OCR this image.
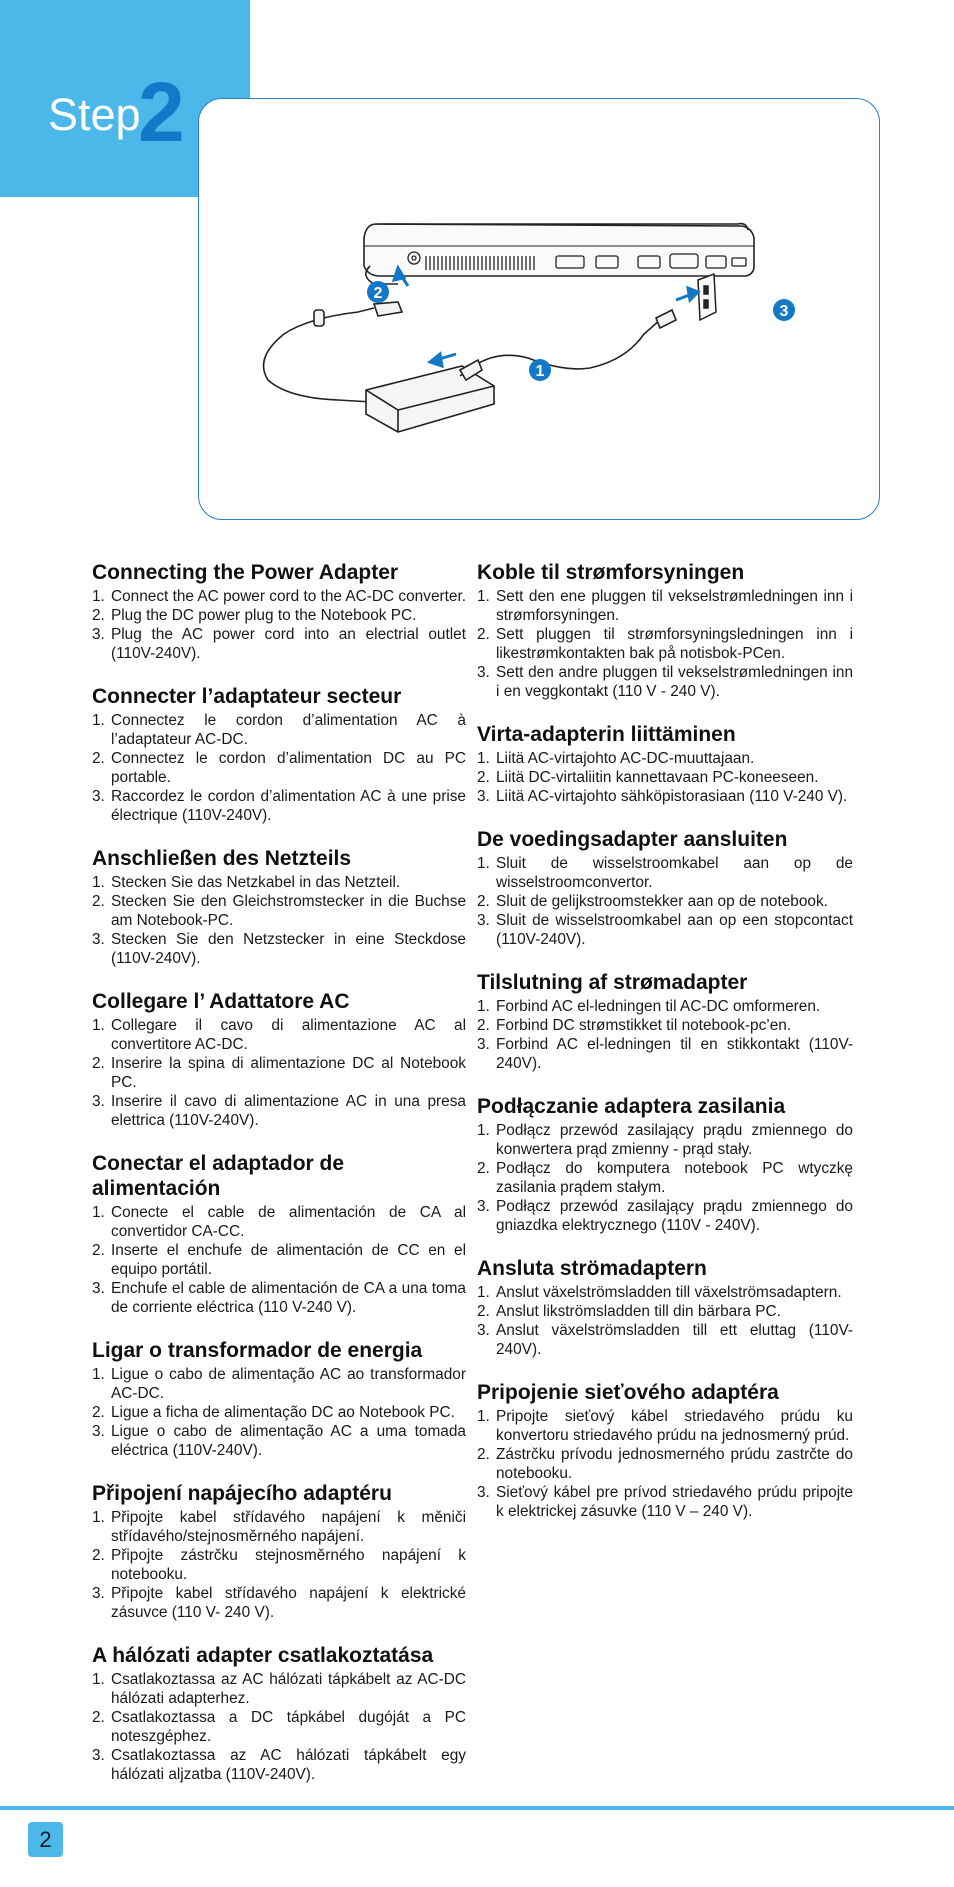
Step
2
2
1
3
Connecting the Power Adapter
1. Connect the AC power cord to the AC-DC converter.
2. Plug the DC power plug to the Notebook PC.
3. Plug the AC power cord into an electrial outlet (110V-240V).
Connecter l’adaptateur secteur
1. Connectez le cordon d’alimentation AC à l’adaptateur AC-DC.
2. Connectez le cordon d’alimentation DC au PC portable.
3. Raccordez le cordon d’alimentation AC à une prise électrique (110V-240V).
Anschließen des Netzteils
1. Stecken Sie das Netzkabel in das Netzteil.
2. Stecken Sie den Gleichstromstecker in die Buchse am Notebook-PC.
3. Stecken Sie den Netzstecker in eine Steckdose (110V-240V).
Collegare l’ Adattatore AC
1. Collegare il cavo di alimentazione AC al convertitore AC-DC.
2. Inserire la spina di alimentazione DC al Notebook PC.
3. Inserire il cavo di alimentazione AC in una presa elettrica (110V-240V).
Conectar el adaptador de alimentación
1. Conecte el cable de alimentación de CA al convertidor CA-CC.
2. Inserte el enchufe de alimentación de CC en el equipo portátil.
3. Enchufe el cable de alimentación de CA a una toma de corriente eléctrica (110 V-240 V).
Ligar o transformador de energia
1. Ligue o cabo de alimentação AC ao transformador AC-DC.
2. Ligue a ficha de alimentação DC ao Notebook PC.
3. Ligue o cabo de alimentação AC a uma tomada eléctrica (110V-240V).
Připojení napájecího adaptéru
1. Připojte kabel střídavého napájení k měniči střídavého/stejnosměrného napájení.
2. Připojte zástrčku stejnosměrného napájení k notebooku.
3. Připojte kabel střídavého napájení k elektrické zásuvce (110 V- 240 V).
A hálózati adapter csatlakoztatása
1. Csatlakoztassa az AC hálózati tápkábelt az AC-DC hálózati adapterhez.
2. Csatlakoztassa a DC tápkábel dugóját a PC noteszgéphez.
3. Csatlakoztassa az AC hálózati tápkábelt egy hálózati aljzatba (110V-240V).
Koble til strømforsyningen
1. Sett den ene pluggen til vekselstrømledningen inn i strømforsyningen.
2. Sett pluggen til strømforsyningsledningen inn i likestrømkontakten bak på notisbok-PCen.
3. Sett den andre pluggen til vekselstrømledningen inn i en veggkontakt (110 V - 240 V).
Virta-adapterin liittäminen
1. Liitä AC-virtajohto AC-DC-muuttajaan.
2. Liitä DC-virtaliitin kannettavaan PC-koneeseen.
3. Liitä AC-virtajohto sähköpistorasiaan (110 V-240 V).
De voedingsadapter aansluiten
1. Sluit de wisselstroomkabel aan op de wisselstroomconvertor.
2. Sluit de gelijkstroomstekker aan op de notebook.
3. Sluit de wisselstroomkabel aan op een stopcontact (110V-240V).
Tilslutning af strømadapter
1. Forbind AC el-ledningen til AC-DC omformeren.
2. Forbind DC strømstikket til notebook-pc’en.
3. Forbind AC el-ledningen til en stikkontakt (110V-240V).
Podłączanie adaptera zasilania
1. Podłącz przewód zasilający prądu zmiennego do konwertera prąd zmienny - prąd stały.
2. Podłącz do komputera notebook PC wtyczkę zasilania prądem stałym.
3. Podłącz przewód zasilający prądu zmiennego do gniazdka elektrycznego (110V - 240V).
Ansluta strömadaptern
1. Anslut växelströmsladden till växelströmsadaptern.
2. Anslut likströmsladden till din bärbara PC.
3. Anslut växelströmsladden till ett eluttag (110V-240V).
Pripojenie sieťového adaptéra
1. Pripojte sieťový kábel striedavého prúdu ku konvertoru striedavého prúdu na jednosmerný prúd.
2. Zástrčku prívodu jednosmerného prúdu zastrčte do notebooku.
3. Sieťový kábel pre prívod striedavého prúdu pripojte k elektrickej zásuvke (110 V – 240 V).
2
